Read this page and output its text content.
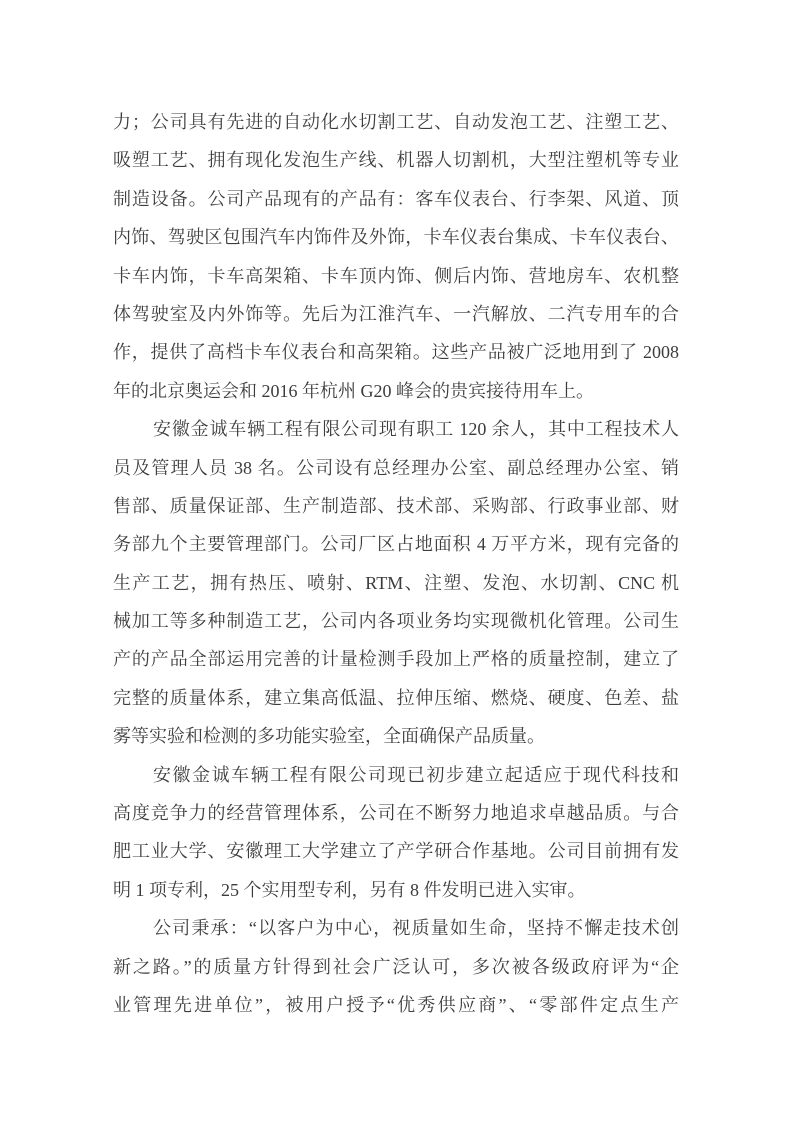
力；公司具有先进的自动化水切割工艺、自动发泡工艺、注塑工艺、
吸塑工艺、拥有现化发泡生产线、机器人切割机，大型注塑机等专业
制造设备。公司产品现有的产品有：客车仪表台、行李架、风道、顶
内饰、驾驶区包围汽车内饰件及外饰，卡车仪表台集成、卡车仪表台、
卡车内饰，卡车高架箱、卡车顶内饰、侧后内饰、营地房车、农机整
体驾驶室及内外饰等。先后为江淮汽车、一汽解放、二汽专用车的合
作，提供了高档卡车仪表台和高架箱。这些产品被广泛地用到了 2008
年的北京奥运会和 2016 年杭州 G20 峰会的贵宾接待用车上。
安徽金诚车辆工程有限公司现有职工 120 余人，其中工程技术人
员及管理人员 38 名。公司设有总经理办公室、副总经理办公室、销
售部、质量保证部、生产制造部、技术部、采购部、行政事业部、财
务部九个主要管理部门。公司厂区占地面积 4 万平方米，现有完备的
生产工艺，拥有热压、喷射、RTM、注塑、发泡、水切割、CNC 机
械加工等多种制造工艺，公司内各项业务均实现微机化管理。公司生
产的产品全部运用完善的计量检测手段加上严格的质量控制，建立了
完整的质量体系，建立集高低温、拉伸压缩、燃烧、硬度、色差、盐
雾等实验和检测的多功能实验室，全面确保产品质量。
安徽金诚车辆工程有限公司现已初步建立起适应于现代科技和
高度竞争力的经营管理体系，公司在不断努力地追求卓越品质。与合
肥工业大学、安徽理工大学建立了产学研合作基地。公司目前拥有发
明 1 项专利，25 个实用型专利，另有 8 件发明已进入实审。
公司秉承：“以客户为中心，视质量如生命，坚持不懈走技术创
新之路。”的质量方针得到社会广泛认可，多次被各级政府评为“企
业管理先进单位”，被用户授予“优秀供应商”、“零部件定点生产
